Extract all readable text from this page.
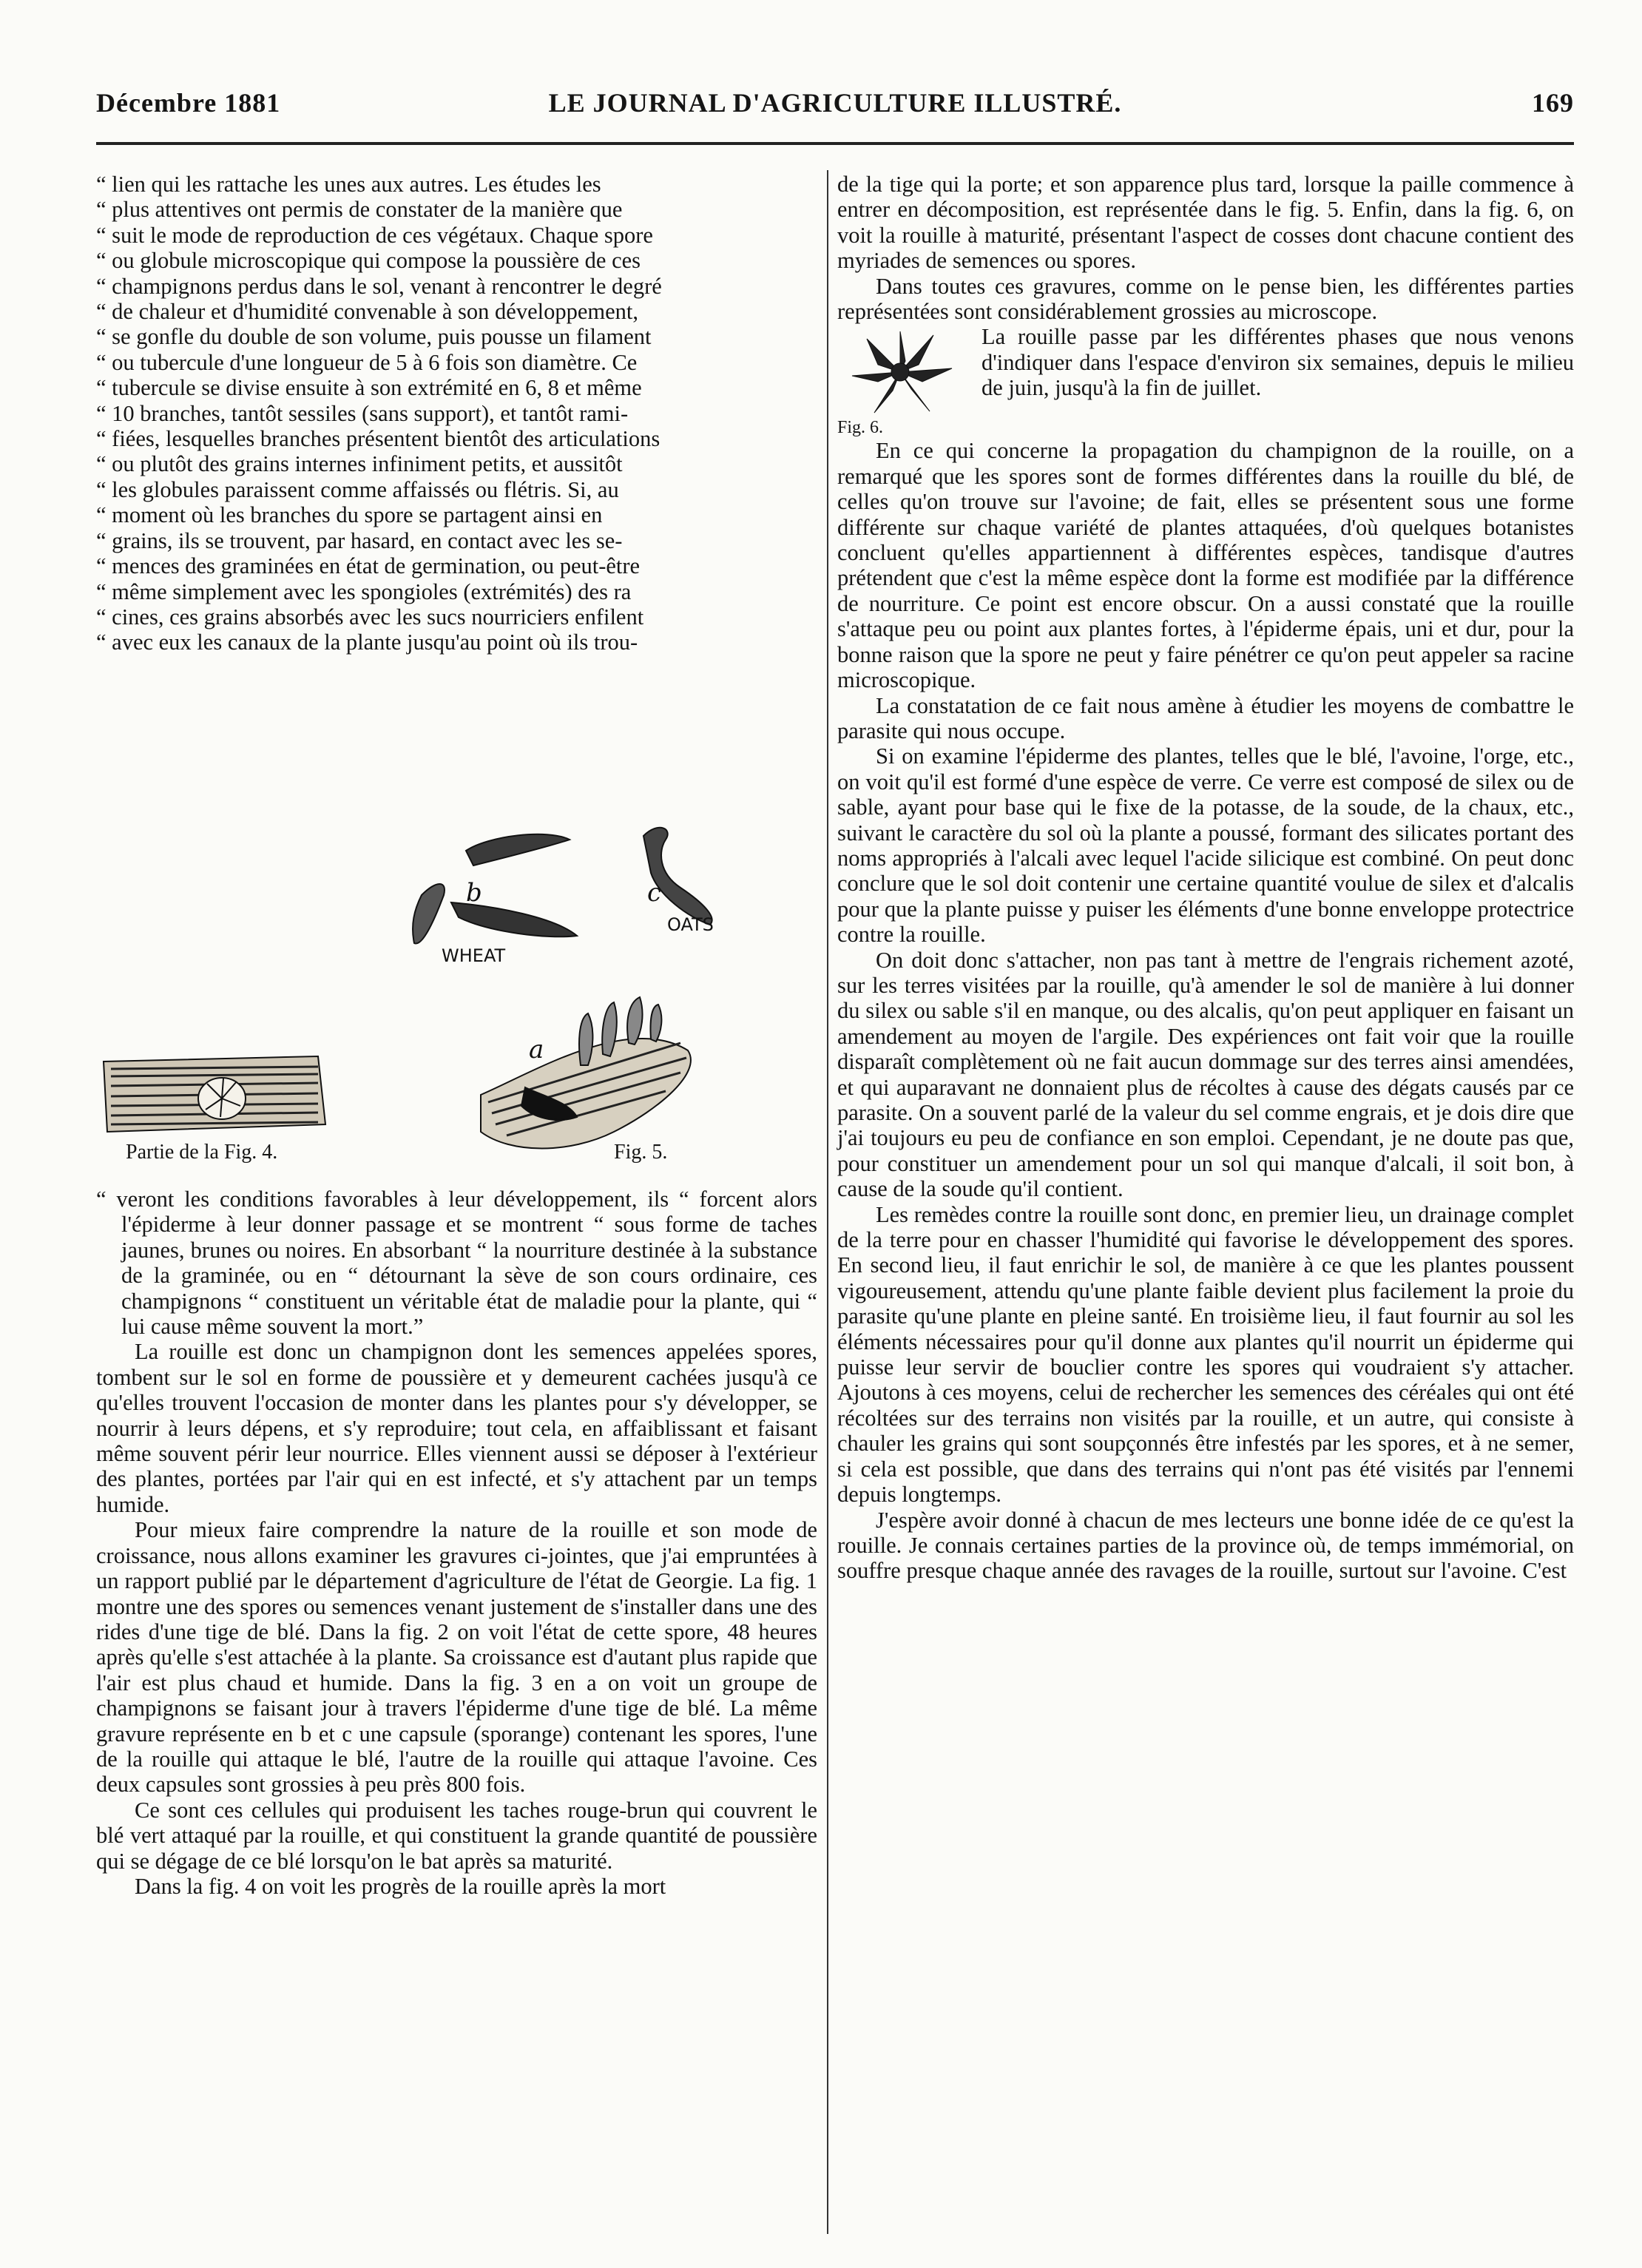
Décembre 1881	LE JOURNAL D'AGRICULTURE ILLUSTRÉ.	169

“ lien qui les rattache les unes aux autres. Les études les

“ plus attentives ont permis de constater de la manière que

“ suit le mode de reproduction de ces végétaux. Chaque spore

“ ou globule microscopique qui compose la poussière de ces

“ champignons perdus dans le sol, venant à rencontrer le degré

“ de chaleur et d'humidité convenable à son développement,

“ se gonfle du double de son volume, puis pousse un filament

“ ou tubercule d'une longueur de 5 à 6 fois son diamètre. Ce

“ tubercule se divise ensuite à son extrémité en 6, 8 et même

“ 10 branches, tantôt sessiles (sans support), et tantôt rami-

“ fiées, lesquelles branches présentent bientôt des articulations

“ ou plutôt des grains internes infiniment petits, et aussitôt

“ les globules paraissent comme affaissés ou flétris. Si, au

“ moment où les branches du spore se partagent ainsi en

“ grains, ils se trouvent, par hasard, en contact avec les se-

“ mences des graminées en état de germination, ou peut-être

“ même simplement avec les spongioles (extrémités) des ra

“ cines, ces grains absorbés avec les sucs nourriciers enfilent

“ avec eux les canaux de la plante jusqu'au point où ils trou-

b	c
WHEAT
OATS
a
Partie de la Fig. 4.	Fig. 5.

“ veront les conditions favorables à leur développement, ils “ forcent alors l'épiderme à leur donner passage et se montrent “ sous forme de taches jaunes, brunes ou noires. En absorbant “ la nourriture destinée à la substance de la graminée, ou en “ détournant la sève de son cours ordinaire, ces champignons “ constituent un véritable état de maladie pour la plante, qui “ lui cause même souvent la mort.”

La rouille est donc un champignon dont les semences appelées spores, tombent sur le sol en forme de poussière et y demeurent cachées jusqu'à ce qu'elles trouvent l'occasion de monter dans les plantes pour s'y développer, se nourrir à leurs dépens, et s'y reproduire; tout cela, en affaiblissant et faisant même souvent périr leur nourrice. Elles viennent aussi se déposer à l'extérieur des plantes, portées par l'air qui en est infecté, et s'y attachent par un temps humide.

Pour mieux faire comprendre la nature de la rouille et son mode de croissance, nous allons examiner les gravures ci-jointes, que j'ai empruntées à un rapport publié par le département d'agriculture de l'état de Georgie. La fig. 1 montre une des spores ou semences venant justement de s'installer dans une des rides d'une tige de blé. Dans la fig. 2 on voit l'état de cette spore, 48 heures après qu'elle s'est attachée à la plante. Sa croissance est d'autant plus rapide que l'air est plus chaud et humide. Dans la fig. 3 en a on voit un groupe de champignons se faisant jour à travers l'épiderme d'une tige de blé. La même gravure représente en b et c une capsule (sporange) contenant les spores, l'une de la rouille qui attaque le blé, l'autre de la rouille qui attaque l'avoine. Ces deux capsules sont grossies à peu près 800 fois.

Ce sont ces cellules qui produisent les taches rouge-brun qui couvrent le blé vert attaqué par la rouille, et qui constituent la grande quantité de poussière qui se dégage de ce blé lorsqu'on le bat après sa maturité.

Dans la fig. 4 on voit les progrès de la rouille après la mort

de la tige qui la porte; et son apparence plus tard, lorsque la paille commence à entrer en décomposition, est représentée dans le fig. 5. Enfin, dans la fig. 6, on voit la rouille à maturité, présentant l'aspect de cosses dont chacune contient des myriades de semences ou spores.

Dans toutes ces gravures, comme on le pense bien, les différentes parties représentées sont considérablement grossies au microscope.

Fig. 6.

La rouille passe par les différentes phases que nous venons d'indiquer dans l'espace d'environ six semaines, depuis le milieu de juin, jusqu'à la fin de juillet.

En ce qui concerne la propagation du champignon de la rouille, on a remarqué que les spores sont de formes différentes dans la rouille du blé, de celles qu'on trouve sur l'avoine; de fait, elles se présentent sous une forme différente sur chaque variété de plantes attaquées, d'où quelques botanistes concluent qu'elles appartiennent à différentes espèces, tandisque d'autres prétendent que c'est la même espèce dont la forme est modifiée par la différence de nourriture. Ce point est encore obscur. On a aussi constaté que la rouille s'attaque peu ou point aux plantes fortes, à l'épiderme épais, uni et dur, pour la bonne raison que la spore ne peut y faire pénétrer ce qu'on peut appeler sa racine microscopique.

La constatation de ce fait nous amène à étudier les moyens de combattre le parasite qui nous occupe.

Si on examine l'épiderme des plantes, telles que le blé, l'avoine, l'orge, etc., on voit qu'il est formé d'une espèce de verre. Ce verre est composé de silex ou de sable, ayant pour base qui le fixe de la potasse, de la soude, de la chaux, etc., suivant le caractère du sol où la plante a poussé, formant des silicates portant des noms appropriés à l'alcali avec lequel l'acide silicique est combiné. On peut donc conclure que le sol doit contenir une certaine quantité voulue de silex et d'alcalis pour que la plante puisse y puiser les éléments d'une bonne enveloppe protectrice contre la rouille.

On doit donc s'attacher, non pas tant à mettre de l'engrais richement azoté, sur les terres visitées par la rouille, qu'à amender le sol de manière à lui donner du silex ou sable s'il en manque, ou des alcalis, qu'on peut appliquer en faisant un amendement au moyen de l'argile. Des expériences ont fait voir que la rouille disparaît complètement où ne fait aucun dommage sur des terres ainsi amendées, et qui auparavant ne donnaient plus de récoltes à cause des dégats causés par ce parasite. On a souvent parlé de la valeur du sel comme engrais, et je dois dire que j'ai toujours eu peu de confiance en son emploi. Cependant, je ne doute pas que, pour constituer un amendement pour un sol qui manque d'alcali, il soit bon, à cause de la soude qu'il contient.

Les remèdes contre la rouille sont donc, en premier lieu, un drainage complet de la terre pour en chasser l'humidité qui favorise le développement des spores. En second lieu, il faut enrichir le sol, de manière à ce que les plantes poussent vigoureusement, attendu qu'une plante faible devient plus facilement la proie du parasite qu'une plante en pleine santé. En troisième lieu, il faut fournir au sol les éléments nécessaires pour qu'il donne aux plantes qu'il nourrit un épiderme qui puisse leur servir de bouclier contre les spores qui voudraient s'y attacher. Ajoutons à ces moyens, celui de rechercher les semences des céréales qui ont été récoltées sur des terrains non visités par la rouille, et un autre, qui consiste à chauler les grains qui sont soupçonnés être infestés par les spores, et à ne semer, si cela est possible, que dans des terrains qui n'ont pas été visités par l'ennemi depuis longtemps.

J'espère avoir donné à chacun de mes lecteurs une bonne idée de ce qu'est la rouille. Je connais certaines parties de la province où, de temps immémorial, on souffre presque chaque année des ravages de la rouille, surtout sur l'avoine. C'est
